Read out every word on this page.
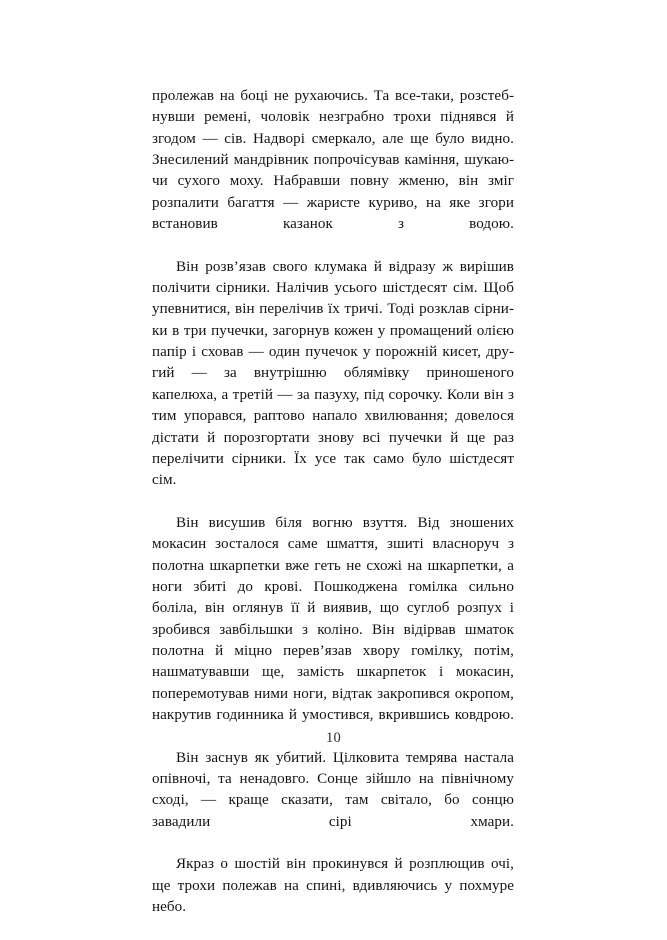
пролежав на боці не рухаючись. Та все-таки, розстебнувши ремені, чоловік незграбно трохи піднявся й згодом — сів. Надворі смеркало, але ще було видно. Знесилений мандрівник попрочісував каміння, шукаючи сухого моху. Набравши повну жменю, він зміг розпалити багаття — жаристе куриво, на яке згори встановив казанок з водою.

Він розв’язав свого клумака й відразу ж вирішив полічити сірники. Налічив усього шістдесят сім. Щоб упевнитися, він перелічив їх тричі. Тоді розклав сірники в три пучечки, загорнув кожен у промащений олією папір і сховав — один пучечок у порожній кисет, другий — за внутрішню облямівку приношеного капелюха, а третій — за пазуху, під сорочку. Коли він з тим упорався, раптово напало хвилювання; довелося дістати й порозгортати знову всі пучечки й ще раз перелічити сірники. Їх усе так само було шістдесят сім.

Він висушив біля вогню взуття. Від зношених мокасин зосталося саме шмаття, зшиті власноруч з полотна шкарпетки вже геть не схожі на шкарпетки, а ноги збиті до крові. Пошкоджена гомілка сильно боліла, він оглянув її й виявив, що суглоб розпух і зробився завбільшки з коліно. Він відірвав шматок полотна й міцно перев’язав хвору гомілку, потім, нашматувавши ще, замість шкарпеток і мокасин, поперемотував ними ноги, відтак закропився окропом, накрутив годинника й умостився, вкрившись ковдрою.

Він заснув як убитий. Цілковита темрява настала опівночі, та ненадовго. Сонце зійшло на північному сході, — краще сказати, там світало, бо сонцю завадили сірі хмари.

Якраз о шостій він прокинувся й розплющив очі, ще трохи полежав на спині, вдивляючись у похмуре небо.

10
